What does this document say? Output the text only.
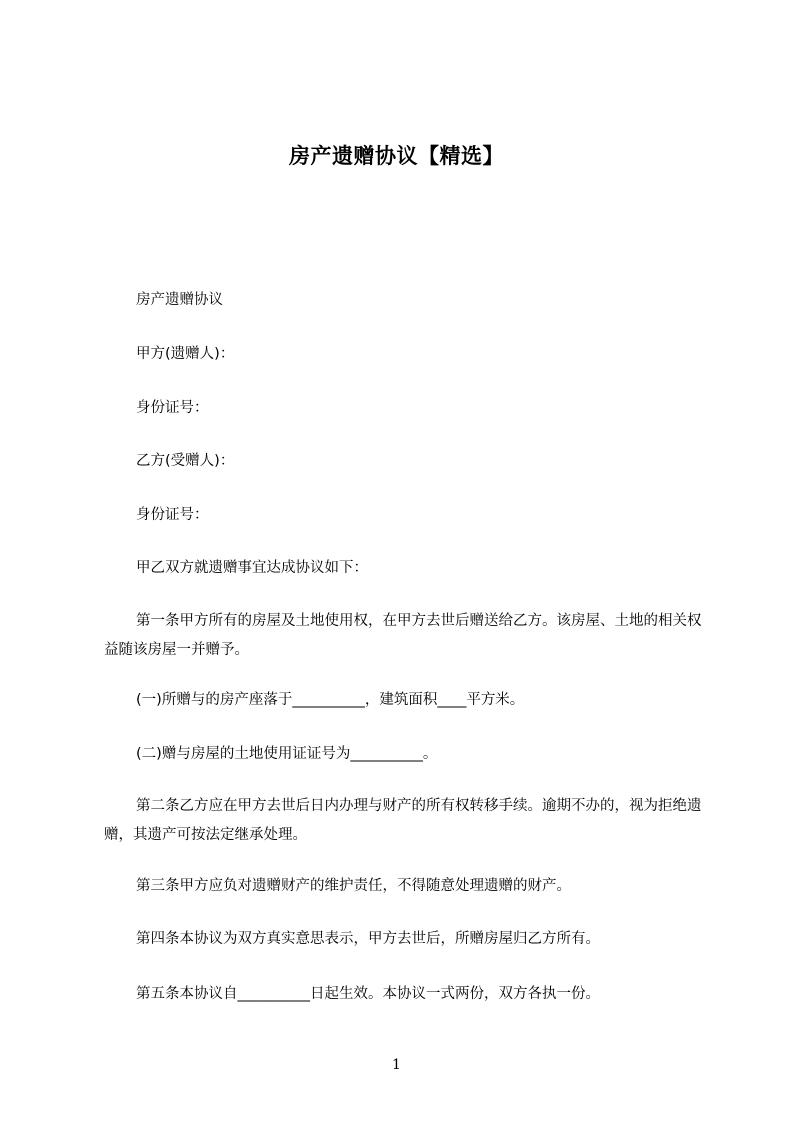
房产遗赠协议【精选】

房产遗赠协议

甲方(遗赠人)：

身份证号：

乙方(受赠人)：

身份证号：

甲乙双方就遗赠事宜达成协议如下：

第一条甲方所有的房屋及土地使用权，在甲方去世后赠送给乙方。该房屋、土地的相关权益随该房屋一并赠予。

(一)所赠与的房产座落于__________，建筑面积____平方米。

(二)赠与房屋的土地使用证证号为__________。

第二条乙方应在甲方去世后日内办理与财产的所有权转移手续。逾期不办的，视为拒绝遗赠，其遗产可按法定继承处理。

第三条甲方应负对遗赠财产的维护责任，不得随意处理遗赠的财产。

第四条本协议为双方真实意思表示，甲方去世后，所赠房屋归乙方所有。

第五条本协议自__________日起生效。本协议一式两份，双方各执一份。

1
